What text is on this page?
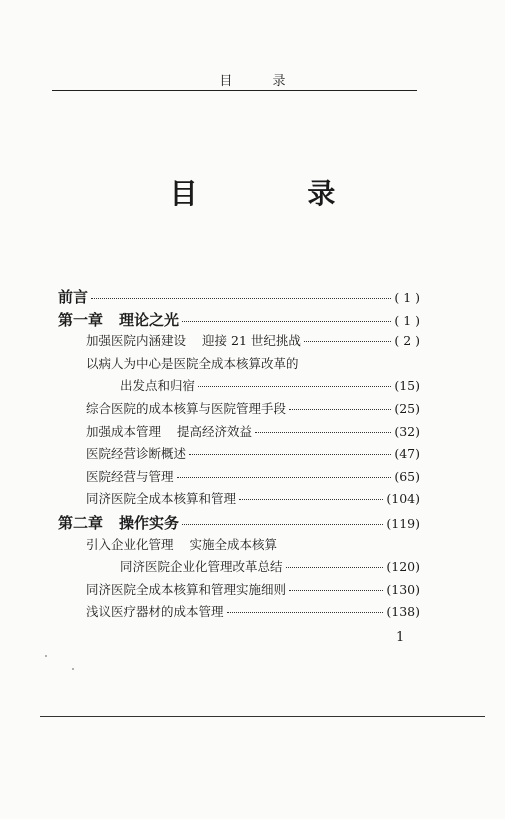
目 录
目 录
前言	( 1 )
第一章 理论之光	( 1 )
加强医院内涵建设 迎接 21 世纪挑战	( 2 )
以病人为中心是医院全成本核算改革的
出发点和归宿	(15)
综合医院的成本核算与医院管理手段	(25)
加强成本管理 提高经济效益	(32)
医院经营诊断概述	(47)
医院经营与管理	(65)
同济医院全成本核算和管理	(104)
第二章 操作实务	(119)
引入企业化管理 实施全成本核算
同济医院企业化管理改革总结	(120)
同济医院全成本核算和管理实施细则	(130)
浅议医疗器材的成本管理	(138)
1
